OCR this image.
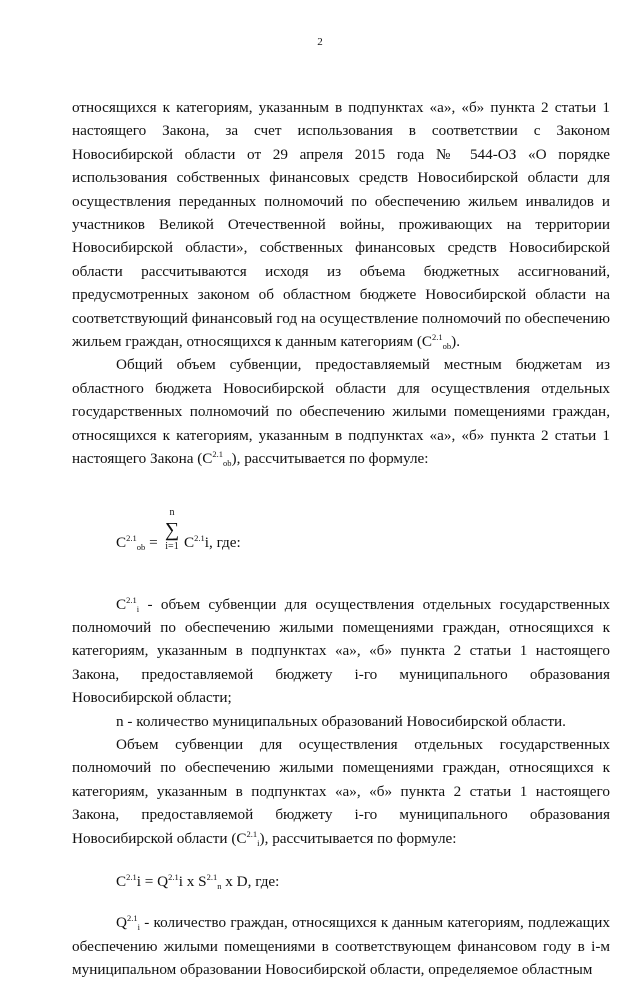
2

относящихся к категориям, указанным в подпунктах «а», «б» пункта 2 статьи 1 настоящего Закона, за счет использования в соответствии с Законом Новосибирской области от 29 апреля 2015 года № 544-ОЗ «О порядке использования собственных финансовых средств Новосибирской области для осуществления переданных полномочий по обеспечению жильем инвалидов и участников Великой Отечественной войны, проживающих на территории Новосибирской области», собственных финансовых средств Новосибирской области рассчитываются исходя из объема бюджетных ассигнований, предусмотренных законом об областном бюджете Новосибирской области на соответствующий финансовый год на осуществление полномочий по обеспечению жильем граждан, относящихся к данным категориям $(C^{2.1}_{ob})$.

Общий объем субвенции, предоставляемый местным бюджетам из областного бюджета Новосибирской области для осуществления отдельных государственных полномочий по обеспечению жилыми помещениями граждан, относящихся к категориям, указанным в подпунктах «а», «б» пункта 2 статьи 1 настоящего Закона $(C^{2.1}_{ob})$, рассчитывается по формуле:

$C^{2.1}_{ob}$ =
n
∑
i=1 $C^{2.1}i$, где:

$C^{2.1}_i$ - объем субвенции для осуществления отдельных государственных полномочий по обеспечению жилыми помещениями граждан, относящихся к категориям, указанным в подпунктах «а», «б» пункта 2 статьи 1 настоящего Закона, предоставляемой бюджету i-го муниципального образования Новосибирской области;

n - количество муниципальных образований Новосибирской области.

Объем субвенции для осуществления отдельных государственных полномочий по обеспечению жилыми помещениями граждан, относящихся к категориям, указанным в подпунктах «а», «б» пункта 2 статьи 1 настоящего Закона, предоставляемой бюджету i-го муниципального образования Новосибирской области $(C^{2.1}_i)$, рассчитывается по формуле:

$C^{2.1}i = Q^{2.1}i$ x $S^{2.1}_n$ x D, где:

$Q^{2.1}_i$ - количество граждан, относящихся к данным категориям, подлежащих обеспечению жилыми помещениями в соответствующем финансовом году в i-м муниципальном образовании Новосибирской области, определяемое областным
